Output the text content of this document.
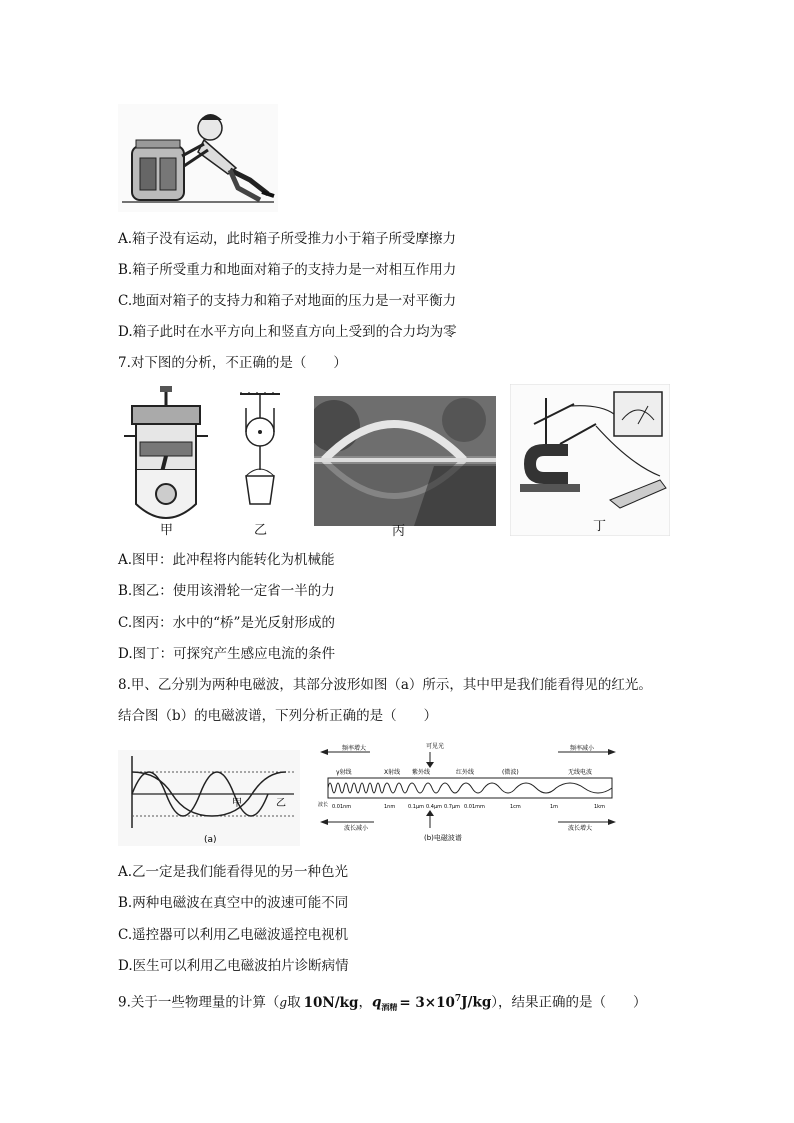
A.箱子没有运动，此时箱子所受推力小于箱子所受摩擦力
B.箱子所受重力和地面对箱子的支持力是一对相互作用力
C.地面对箱子的支持力和箱子对地面的压力是一对平衡力
D.箱子此时在水平方向上和竖直方向上受到的合力均为零
7.对下图的分析，不正确的是（　　）
甲	乙	丙	丁
A.图甲：此冲程将内能转化为机械能
B.图乙：使用该滑轮一定省一半的力
C.图丙：水中的“桥”是光反射形成的
D.图丁：可探究产生感应电流的条件
8.甲、乙分别为两种电磁波，其部分波形如图（a）所示，其中甲是我们能看得见的红光。
结合图（b）的电磁波谱，下列分析正确的是（　　）
甲	乙
(a)
频率增大	频率减小
可见光
γ射线	X射线 紫外线	红外线	(微波)	无线电波
波长 0.01nm	1nm	0.1μm 0.4μm 0.7μm 0.01mm	1cm	1m	1km
波长减小	波长增大
(b)电磁波谱
A.乙一定是我们能看得见的另一种色光
B.两种电磁波在真空中的波速可能不同
C.遥控器可以利用乙电磁波遥控电视机
D.医生可以利用乙电磁波拍片诊断病情
9.关于一些物理量的计算（g取 10N/kg，$q_{酒精} = 3\times 10^7J/kg$），结果正确的是（　　）
